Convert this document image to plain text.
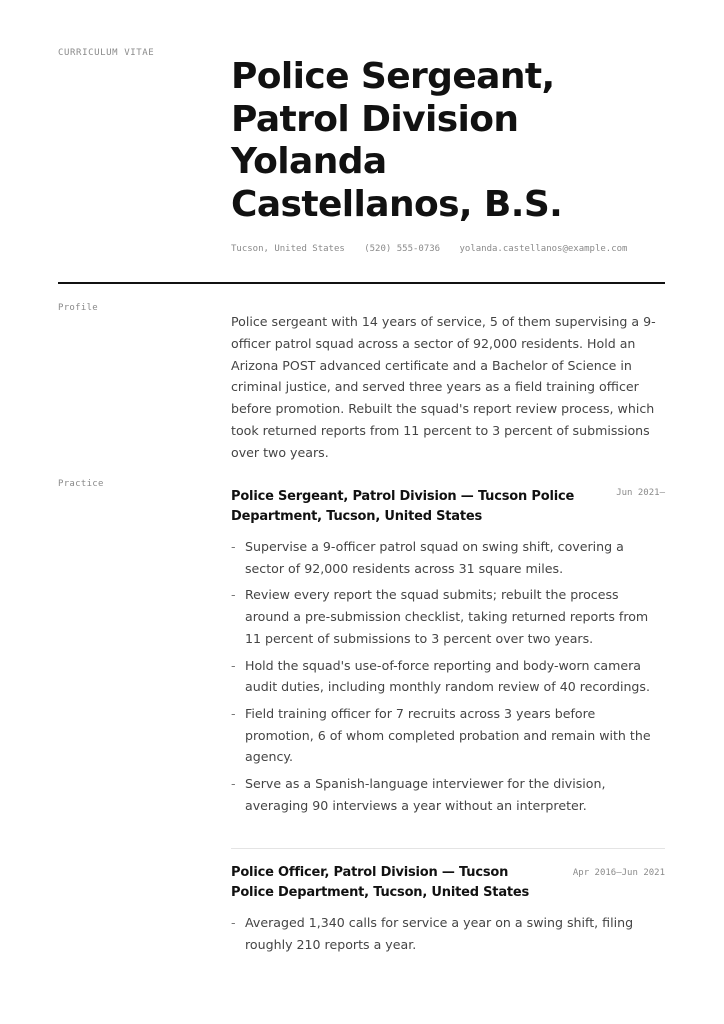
CURRICULUM VITAE
Police Sergeant,
Patrol Division
Yolanda
Castellanos, B.S.
Tucson, United States (520) 555-0736 yolanda.castellanos@example.com
Profile

Police sergeant with 14 years of service, 5 of them supervising a 9-officer patrol squad across a sector of 92,000 residents. Hold an Arizona POST advanced certificate and a Bachelor of Science in criminal justice, and served three years as a field training officer before promotion. Rebuilt the squad's report review process, which took returned reports from 11 percent to 3 percent of submissions over two years.

Practice

Police Sergeant, Patrol Division — Tucson Police Department, Tucson, United States

Jun 2021–
- Supervise a 9-officer patrol squad on swing shift, covering a sector of 92,000 residents across 31 square miles.
- Review every report the squad submits; rebuilt the process around a pre-submission checklist, taking returned reports from 11 percent of submissions to 3 percent over two years.
- Hold the squad's use-of-force reporting and body-worn camera audit duties, including monthly random review of 40 recordings.
- Field training officer for 7 recruits across 3 years before promotion, 6 of whom completed probation and remain with the agency.
- Serve as a Spanish-language interviewer for the division, averaging 90 interviews a year without an interpreter.

Police Officer, Patrol Division — Tucson Police Department, Tucson, United States

Apr 2016–Jun 2021
- Averaged 1,340 calls for service a year on a swing shift, filing roughly 210 reports a year.
